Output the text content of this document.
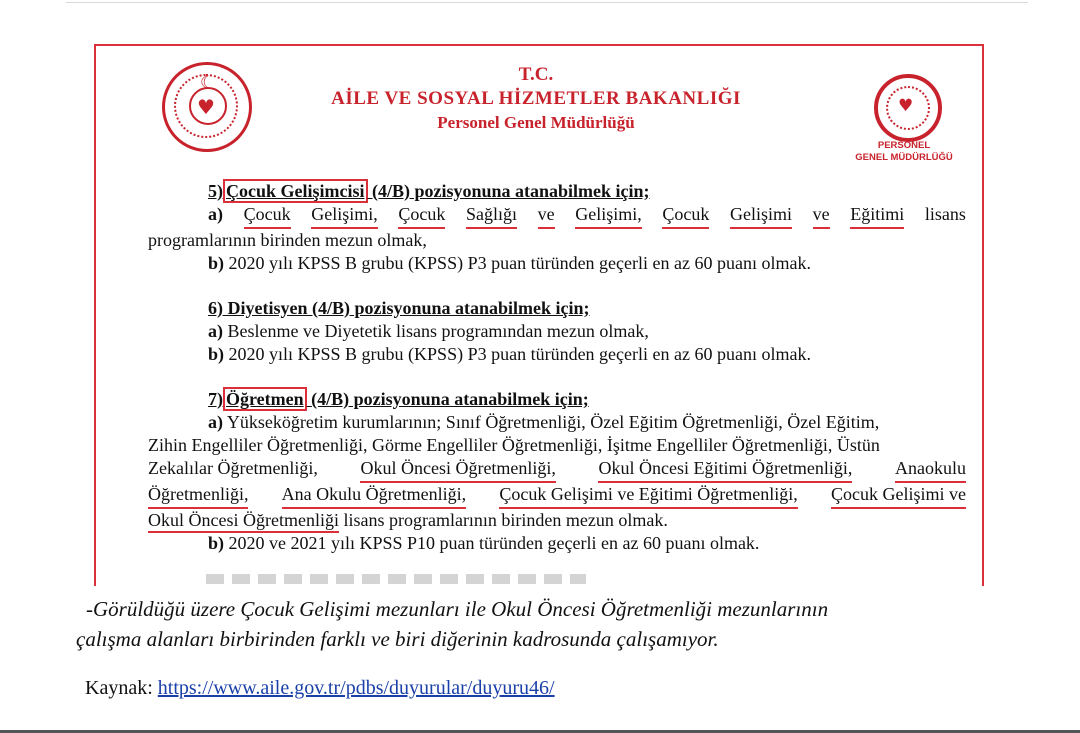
☾
♥
T.C.
AİLE VE SOSYAL HİZMETLER BAKANLIĞI
Personel Genel Müdürlüğü
♥
PERSONEL
GENEL MÜDÜRLÜĞÜ
5) Çocuk Gelişimcisi (4/B) pozisyonuna atanabilmek için;
a) Çocuk Gelişimi, Çocuk Sağlığı ve Gelişimi, Çocuk Gelişimi ve Eğitimi lisans
programlarının birinden mezun olmak,
b) 2020 yılı KPSS B grubu (KPSS) P3 puan türünden geçerli en az 60 puanı olmak.
6) Diyetisyen (4/B) pozisyonuna atanabilmek için;
a) Beslenme ve Diyetetik lisans programından mezun olmak,
b) 2020 yılı KPSS B grubu (KPSS) P3 puan türünden geçerli en az 60 puanı olmak.
7) Öğretmen (4/B) pozisyonuna atanabilmek için;
a) Yükseköğretim kurumlarının; Sınıf Öğretmenliği, Özel Eğitim Öğretmenliği, Özel Eğitim,
Zihin Engelliler Öğretmenliği, Görme Engelliler Öğretmenliği, İşitme Engelliler Öğretmenliği, Üstün
Zekalılar Öğretmenliği, Okul Öncesi Öğretmenliği, Okul Öncesi Eğitimi Öğretmenliği, Anaokulu
Öğretmenliği, Ana Okulu Öğretmenliği, Çocuk Gelişimi ve Eğitimi Öğretmenliği, Çocuk Gelişimi ve
Okul Öncesi Öğretmenliği lisans programlarının birinden mezun olmak.
b) 2020 ve 2021 yılı KPSS P10 puan türünden geçerli en az 60 puanı olmak.
-Görüldüğü üzere Çocuk Gelişimi mezunları ile Okul Öncesi Öğretmenliği mezunlarının
çalışma alanları birbirinden farklı ve biri diğerinin kadrosunda çalışamıyor.
Kaynak: https://www.aile.gov.tr/pdbs/duyurular/duyuru46/
